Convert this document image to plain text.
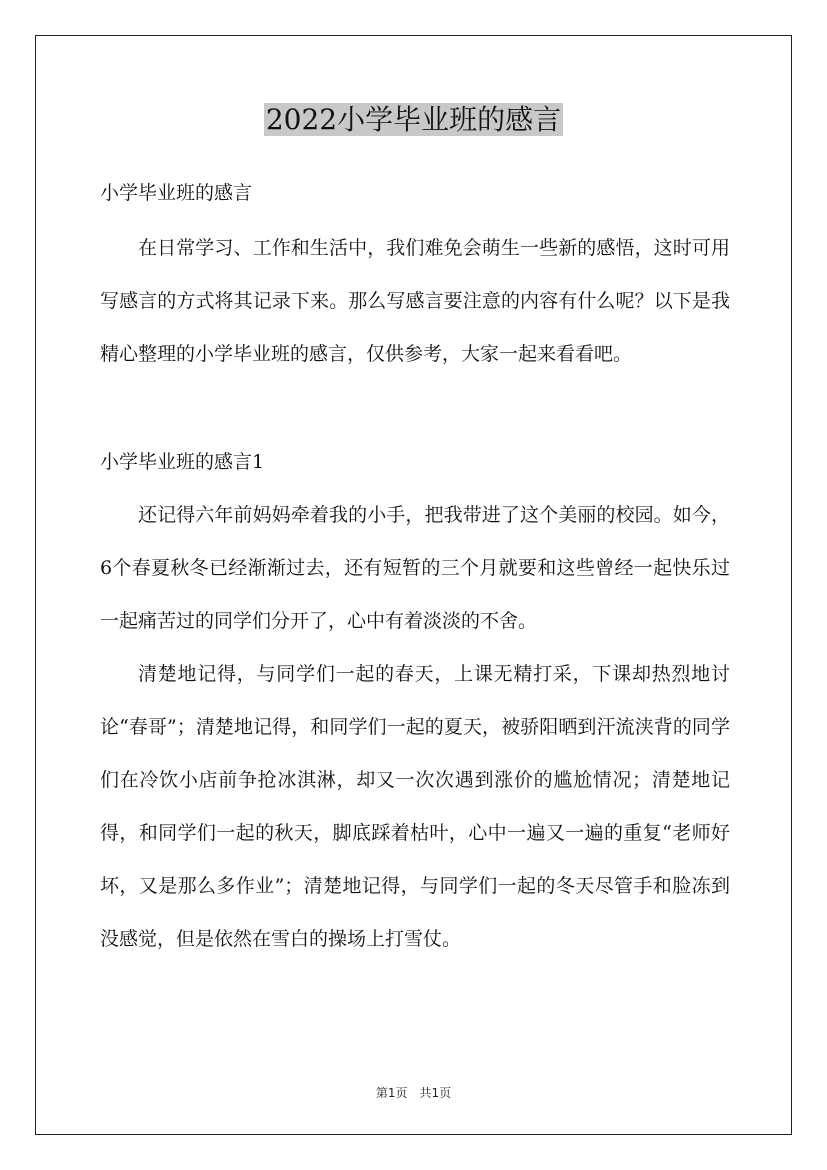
2022小学毕业班的感言
小学毕业班的感言

在日常学习、工作和生活中，我们难免会萌生一些新的感悟，这时可用写感言的方式将其记录下来。那么写感言要注意的内容有什么呢？以下是我精心整理的小学毕业班的感言，仅供参考，大家一起来看看吧。

小学毕业班的感言1

还记得六年前妈妈牵着我的小手，把我带进了这个美丽的校园。如今，6个春夏秋冬已经渐渐过去，还有短暂的三个月就要和这些曾经一起快乐过一起痛苦过的同学们分开了，心中有着淡淡的不舍。

清楚地记得，与同学们一起的春天，上课无精打采，下课却热烈地讨论“春哥”；清楚地记得，和同学们一起的夏天，被骄阳晒到汗流浃背的同学们在冷饮小店前争抢冰淇淋，却又一次次遇到涨价的尴尬情况；清楚地记得，和同学们一起的秋天，脚底踩着枯叶，心中一遍又一遍的重复“老师好坏，又是那么多作业”；清楚地记得，与同学们一起的冬天尽管手和脸冻到没感觉，但是依然在雪白的操场上打雪仗。

第1页 共1页
